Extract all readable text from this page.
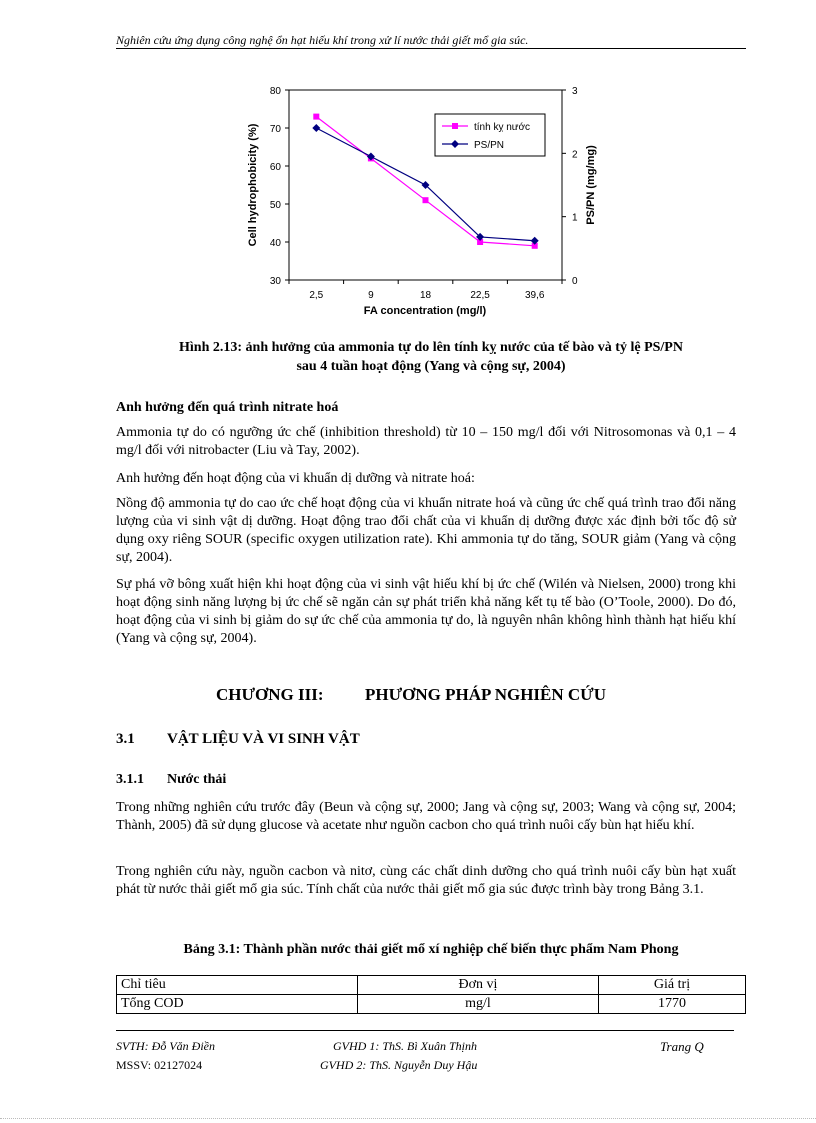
Nghiên cứu ứng dụng công nghệ ổn hạt hiếu khí trong xử lí nước thải giết mổ gia súc.
80
70
60
50
40
30
3
2
1
0
2,5	9	18	22,5	39,6
Cell hydrophobicity (%)	PS/PN (mg/mg)
FA concentration (mg/l)
tính kỵ nước
PS/PN
Hình 2.13: ảnh hưởng của ammonia tự do lên tính kỵ nước của tế bào và tỷ lệ PS/PN
sau 4 tuần hoạt động (Yang và cộng sự, 2004)
Anh hưởng đến quá trình nitrate hoá
Ammonia tự do có ngưỡng ức chế (inhibition threshold) từ 10 – 150 mg/l đối với Nitrosomonas và 0,1 – 4 mg/l đối với nitrobacter (Liu và Tay, 2002).
Anh hưởng đến hoạt động của vi khuẩn dị dưỡng và nitrate hoá:
Nồng độ ammonia tự do cao ức chế hoạt động của vi khuẩn nitrate hoá và cũng ức chế quá trình trao đổi năng lượng của vi sinh vật dị dưỡng. Hoạt động trao đổi chất của vi khuẩn dị dưỡng được xác định bởi tốc độ sử dụng oxy riêng SOUR (specific oxygen utilization rate). Khi ammonia tự do tăng, SOUR giảm (Yang và cộng sự, 2004).
Sự phá vỡ bông xuất hiện khi hoạt động của vi sinh vật hiếu khí bị ức chế (Wilén và Nielsen, 2000) trong khi hoạt động sinh năng lượng bị ức chế sẽ ngăn cản sự phát triển khả năng kết tụ tế bào (O’Toole, 2000). Do đó, hoạt động của vi sinh bị giảm do sự ức chế của ammonia tự do, là nguyên nhân không hình thành hạt hiếu khí (Yang và cộng sự, 2004).
CHƯƠNG III: PHƯƠNG PHÁP NGHIÊN CỨU
3.1 VẬT LIỆU VÀ VI SINH VẬT
3.1.1 Nước thải
Trong những nghiên cứu trước đây (Beun và cộng sự, 2000; Jang và cộng sự, 2003; Wang và cộng sự, 2004; Thành, 2005) đã sử dụng glucose và acetate như nguồn cacbon cho quá trình nuôi cấy bùn hạt hiếu khí.
Trong nghiên cứu này, nguồn cacbon và nitơ, cùng các chất dinh dưỡng cho quá trình nuôi cấy bùn hạt xuất phát từ nước thải giết mổ gia súc. Tính chất của nước thải giết mổ gia súc được trình bày trong Bảng 3.1.
Bảng 3.1: Thành phần nước thải giết mổ xí nghiệp chế biến thực phẩm Nam Phong
Chỉ tiêu	Đơn vị	Giá trị
Tổng COD	mg/l	1770
SVTH: Đỗ Văn Điền
MSSV: 02127024
GVHD 1: ThS. Bì Xuân Thịnh
GVHD 2: ThS. Nguyễn Duy Hậu
Trang Q
